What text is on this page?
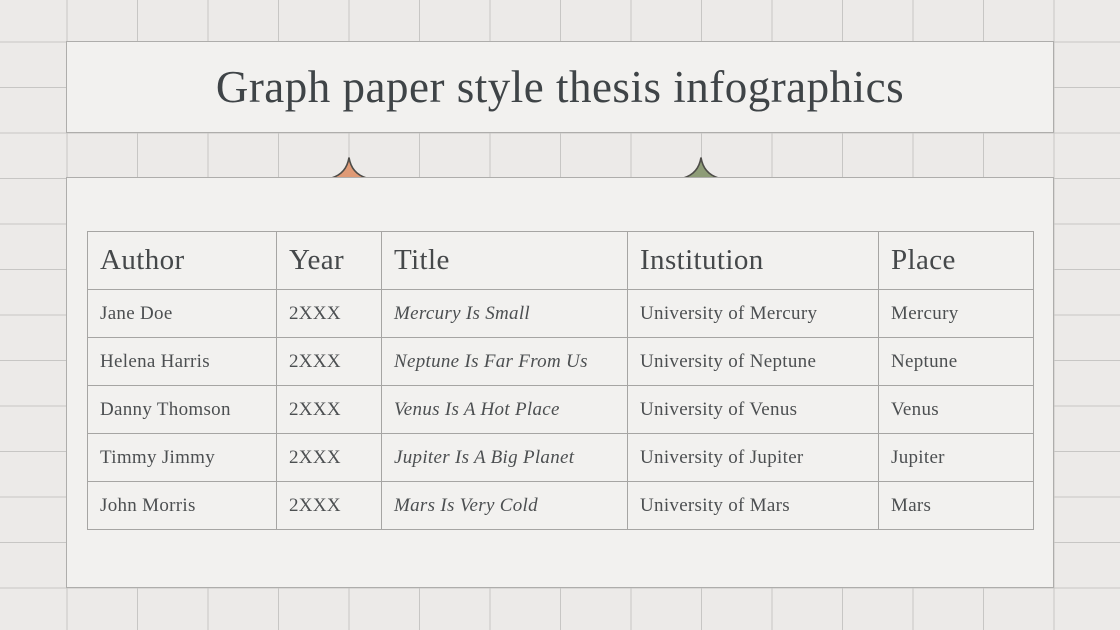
Graph paper style thesis infographics
Author	Year	Title	Institution	Place
Jane Doe	2XXX	Mercury Is Small	University of Mercury	Mercury
Helena Harris	2XXX	Neptune Is Far From Us	University of Neptune	Neptune
Danny Thomson	2XXX	Venus Is A Hot Place	University of Venus	Venus
Timmy Jimmy	2XXX	Jupiter Is A Big Planet	University of Jupiter	Jupiter
John Morris	2XXX	Mars Is Very Cold	University of Mars	Mars
